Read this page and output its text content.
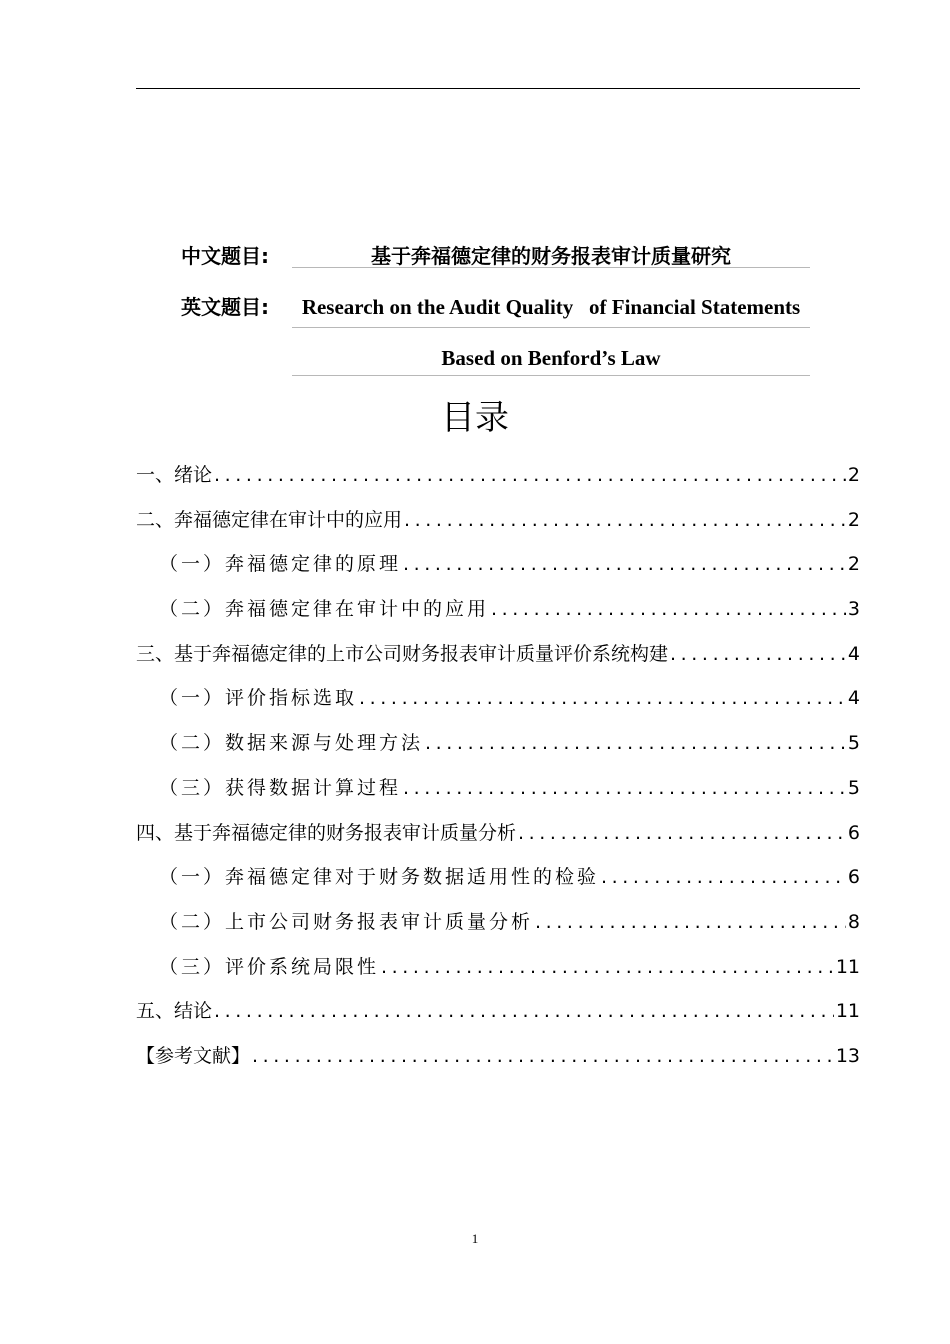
中文题目:	基于奔福德定律的财务报表审计质量研究
英文题目:	Research on the Audit Quality   of Financial Statements
Based on Benford’s Law
目录
一、绪论 .....	2
二、奔福德定律在审计中的应用 .....	2
（一）奔福德定律的原理 .....	2
（二）奔福德定律在审计中的应用 .....	3
三、基于奔福德定律的上市公司财务报表审计质量评价系统构建 .....	4
（一）评价指标选取 .....	4
（二）数据来源与处理方法 .....	5
（三）获得数据计算过程 .....	5
四、基于奔福德定律的财务报表审计质量分析 .....	6
（一）奔福德定律对于财务数据适用性的检验 .....	6
（二）上市公司财务报表审计质量分析 .....	8
（三）评价系统局限性 .....	11
五、结论 .....	11
【参考文献】 .....	13
1
